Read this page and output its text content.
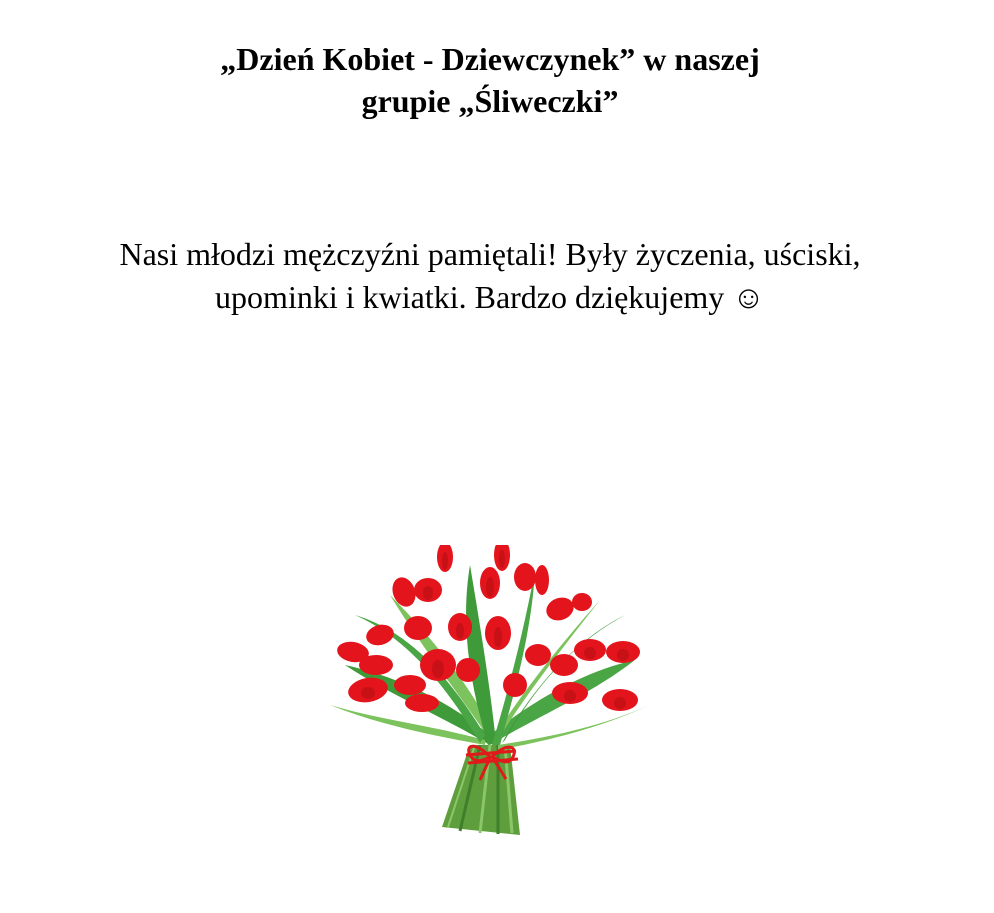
„Dzień Kobiet - Dziewczynek” w naszej
grupie „Śliweczki”

Nasi młodzi mężczyźni pamiętali! Były życzenia, uściski,
upominki i kwiatki. Bardzo dziękujemy ☺
